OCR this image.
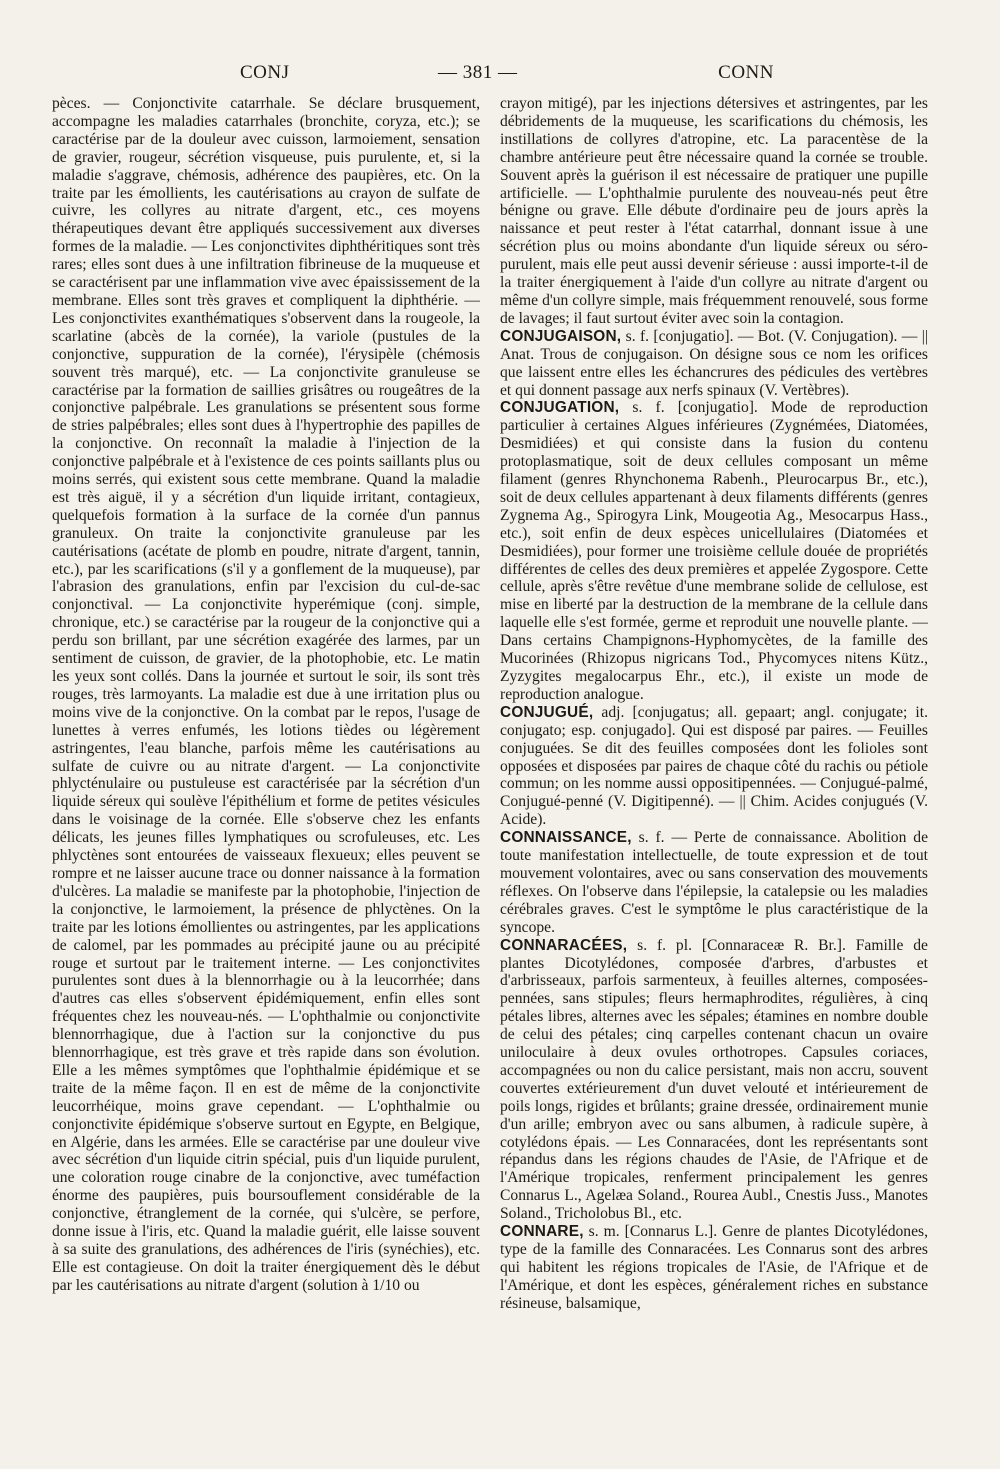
CONJ	— 381 —	CONN

pèces. — Conjonctivite catarrhale. Se déclare brusquement, accompagne les maladies catarrhales (bronchite, coryza, etc.); se caractérise par de la douleur avec cuisson, larmoiement, sensation de gravier, rougeur, sécrétion visqueuse, puis purulente, et, si la maladie s'aggrave, chémosis, adhérence des paupières, etc. On la traite par les émollients, les cautérisations au crayon de sulfate de cuivre, les collyres au nitrate d'argent, etc., ces moyens thérapeutiques devant être appliqués successivement aux diverses formes de la maladie. — Les conjonctivites diphthéritiques sont très rares; elles sont dues à une infiltration fibrineuse de la muqueuse et se caractérisent par une inflammation vive avec épaississement de la membrane. Elles sont très graves et compliquent la diphthérie. — Les conjonctivites exanthématiques s'observent dans la rougeole, la scarlatine (abcès de la cornée), la variole (pustules de la conjonctive, suppuration de la cornée), l'érysipèle (chémosis souvent très marqué), etc. — La conjonctivite granuleuse se caractérise par la formation de saillies grisâtres ou rougeâtres de la conjonctive palpébrale. Les granulations se présentent sous forme de stries palpébrales; elles sont dues à l'hypertrophie des papilles de la conjonctive. On reconnaît la maladie à l'injection de la conjonctive palpébrale et à l'existence de ces points saillants plus ou moins serrés, qui existent sous cette membrane. Quand la maladie est très aiguë, il y a sécrétion d'un liquide irritant, contagieux, quelquefois formation à la surface de la cornée d'un pannus granuleux. On traite la conjonctivite granuleuse par les cautérisations (acétate de plomb en poudre, nitrate d'argent, tannin, etc.), par les scarifications (s'il y a gonflement de la muqueuse), par l'abrasion des granulations, enfin par l'excision du cul-de-sac conjonctival. — La conjonctivite hyperémique (conj. simple, chronique, etc.) se caractérise par la rougeur de la conjonctive qui a perdu son brillant, par une sécrétion exagérée des larmes, par un sentiment de cuisson, de gravier, de la photophobie, etc. Le matin les yeux sont collés. Dans la journée et surtout le soir, ils sont très rouges, très larmoyants. La maladie est due à une irritation plus ou moins vive de la conjonctive. On la combat par le repos, l'usage de lunettes à verres enfumés, les lotions tièdes ou légèrement astringentes, l'eau blanche, parfois même les cautérisations au sulfate de cuivre ou au nitrate d'argent. — La conjonctivite phlycténulaire ou pustuleuse est caractérisée par la sécrétion d'un liquide séreux qui soulève l'épithélium et forme de petites vésicules dans le voisinage de la cornée. Elle s'observe chez les enfants délicats, les jeunes filles lymphatiques ou scrofuleuses, etc. Les phlyctènes sont entourées de vaisseaux flexueux; elles peuvent se rompre et ne laisser aucune trace ou donner naissance à la formation d'ulcères. La maladie se manifeste par la photophobie, l'injection de la conjonctive, le larmoiement, la présence de phlyctènes. On la traite par les lotions émollientes ou astringentes, par les applications de calomel, par les pommades au précipité jaune ou au précipité rouge et surtout par le traitement interne. — Les conjonctivites purulentes sont dues à la blennorrhagie ou à la leucorrhée; dans d'autres cas elles s'observent épidémiquement, enfin elles sont fréquentes chez les nouveau-nés. — L'ophthalmie ou conjonctivite blennorrhagique, due à l'action sur la conjonctive du pus blennorrhagique, est très grave et très rapide dans son évolution. Elle a les mêmes symptômes que l'ophthalmie épidémique et se traite de la même façon. Il en est de même de la conjonctivite leucorrhéique, moins grave cependant. — L'ophthalmie ou conjonctivite épidémique s'observe surtout en Egypte, en Belgique, en Algérie, dans les armées. Elle se caractérise par une douleur vive avec sécrétion d'un liquide citrin spécial, puis d'un liquide purulent, une coloration rouge cinabre de la conjonctive, avec tuméfaction énorme des paupières, puis boursouflement considérable de la conjonctive, étranglement de la cornée, qui s'ulcère, se perfore, donne issue à l'iris, etc. Quand la maladie guérit, elle laisse souvent à sa suite des granulations, des adhérences de l'iris (synéchies), etc. Elle est contagieuse. On doit la traiter énergiquement dès le début par les cautérisations au nitrate d'argent (solution à 1/10 ou

crayon mitigé), par les injections détersives et astringentes, par les débridements de la muqueuse, les scarifications du chémosis, les instillations de collyres d'atropine, etc. La paracentèse de la chambre antérieure peut être nécessaire quand la cornée se trouble. Souvent après la guérison il est nécessaire de pratiquer une pupille artificielle. — L'ophthalmie purulente des nouveau-nés peut être bénigne ou grave. Elle débute d'ordinaire peu de jours après la naissance et peut rester à l'état catarrhal, donnant issue à une sécrétion plus ou moins abondante d'un liquide séreux ou séro-purulent, mais elle peut aussi devenir sérieuse : aussi importe-t-il de la traiter énergiquement à l'aide d'un collyre au nitrate d'argent ou même d'un collyre simple, mais fréquemment renouvelé, sous forme de lavages; il faut surtout éviter avec soin la contagion.

CONJUGAISON, s. f. [conjugatio]. — Bot. (V. Conjugation). — || Anat. Trous de conjugaison. On désigne sous ce nom les orifices que laissent entre elles les échancrures des pédicules des vertèbres et qui donnent passage aux nerfs spinaux (V. Vertèbres).

CONJUGATION, s. f. [conjugatio]. Mode de reproduction particulier à certaines Algues inférieures (Zygnémées, Diatomées, Desmidiées) et qui consiste dans la fusion du contenu protoplasmatique, soit de deux cellules composant un même filament (genres Rhynchonema Rabenh., Pleurocarpus Br., etc.), soit de deux cellules appartenant à deux filaments différents (genres Zygnema Ag., Spirogyra Link, Mougeotia Ag., Mesocarpus Hass., etc.), soit enfin de deux espèces unicellulaires (Diatomées et Desmidiées), pour former une troisième cellule douée de propriétés différentes de celles des deux premières et appelée Zygospore. Cette cellule, après s'être revêtue d'une membrane solide de cellulose, est mise en liberté par la destruction de la membrane de la cellule dans laquelle elle s'est formée, germe et reproduit une nouvelle plante. — Dans certains Champignons-Hyphomycètes, de la famille des Mucorinées (Rhizopus nigricans Tod., Phycomyces nitens Kütz., Zyzygites megalocarpus Ehr., etc.), il existe un mode de reproduction analogue.

CONJUGUÉ, adj. [conjugatus; all. gepaart; angl. conjugate; it. conjugato; esp. conjugado]. Qui est disposé par paires. — Feuilles conjuguées. Se dit des feuilles composées dont les folioles sont opposées et disposées par paires de chaque côté du rachis ou pétiole commun; on les nomme aussi oppositipennées. — Conjugué-palmé, Conjugué-penné (V. Digitipenné). — || Chim. Acides conjugués (V. Acide).

CONNAISSANCE, s. f. — Perte de connaissance. Abolition de toute manifestation intellectuelle, de toute expression et de tout mouvement volontaires, avec ou sans conservation des mouvements réflexes. On l'observe dans l'épilepsie, la catalepsie ou les maladies cérébrales graves. C'est le symptôme le plus caractéristique de la syncope.

CONNARACÉES, s. f. pl. [Connaraceæ R. Br.]. Famille de plantes Dicotylédones, composée d'arbres, d'arbustes et d'arbrisseaux, parfois sarmenteux, à feuilles alternes, composées-pennées, sans stipules; fleurs hermaphrodites, régulières, à cinq pétales libres, alternes avec les sépales; étamines en nombre double de celui des pétales; cinq carpelles contenant chacun un ovaire uniloculaire à deux ovules orthotropes. Capsules coriaces, accompagnées ou non du calice persistant, mais non accru, souvent couvertes extérieurement d'un duvet velouté et intérieurement de poils longs, rigides et brûlants; graine dressée, ordinairement munie d'un arille; embryon avec ou sans albumen, à radicule supère, à cotylédons épais. — Les Connaracées, dont les représentants sont répandus dans les régions chaudes de l'Asie, de l'Afrique et de l'Amérique tropicales, renferment principalement les genres Connarus L., Agelæa Soland., Rourea Aubl., Cnestis Juss., Manotes Soland., Tricholobus Bl., etc.

CONNARE, s. m. [Connarus L.]. Genre de plantes Dicotylédones, type de la famille des Connaracées. Les Connarus sont des arbres qui habitent les régions tropicales de l'Asie, de l'Afrique et de l'Amérique, et dont les espèces, généralement riches en substance résineuse, balsamique,
